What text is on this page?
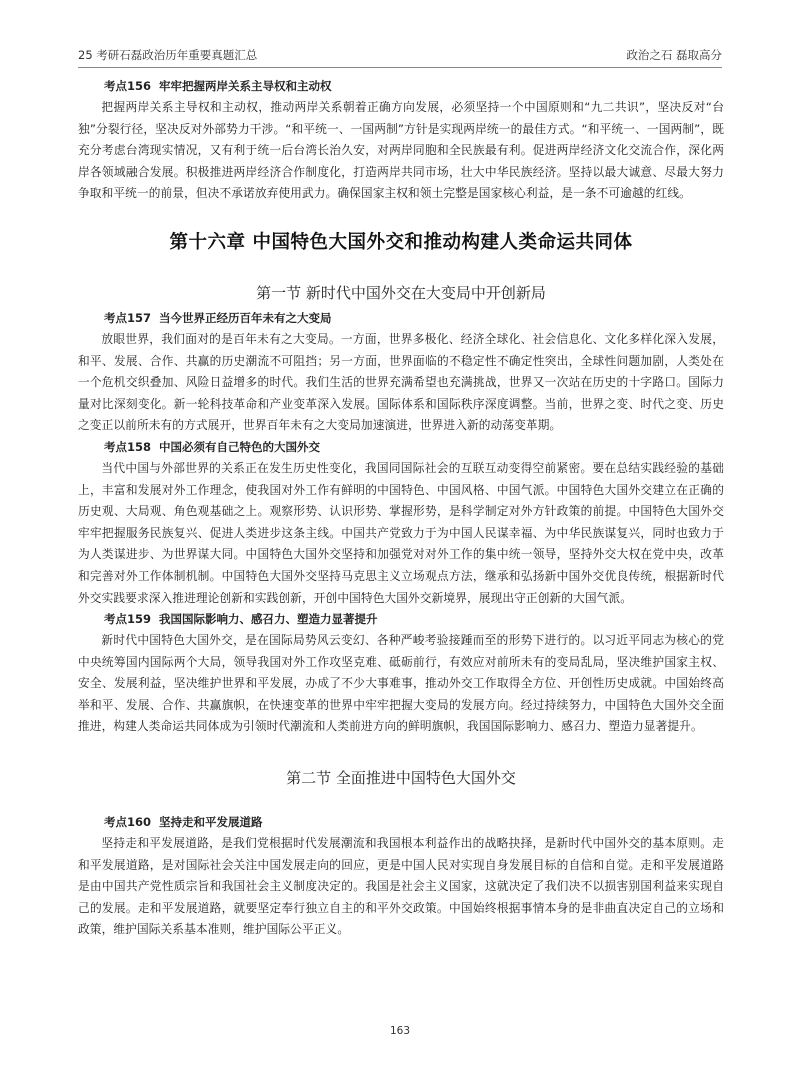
25 考研石磊政治历年重要真题汇总	政治之石 磊取高分
考点156 牢牢把握两岸关系主导权和主动权

把握两岸关系主导权和主动权，推动两岸关系朝着正确方向发展，必须坚持一个中国原则和“九二共识”，坚决反对“台独”分裂行径，坚决反对外部势力干涉。“和平统一、一国两制”方针是实现两岸统一的最佳方式。“和平统一、一国两制”，既充分考虑台湾现实情况，又有利于统一后台湾长治久安，对两岸同胞和全民族最有利。促进两岸经济文化交流合作，深化两岸各领域融合发展。积极推进两岸经济合作制度化，打造两岸共同市场，壮大中华民族经济。坚持以最大诚意、尽最大努力争取和平统一的前景，但决不承诺放弃使用武力。确保国家主权和领土完整是国家核心利益，是一条不可逾越的红线。

第十六章 中国特色大国外交和推动构建人类命运共同体
第一节 新时代中国外交在大变局中开创新局
考点157 当今世界正经历百年未有之大变局

放眼世界，我们面对的是百年未有之大变局。一方面，世界多极化、经济全球化、社会信息化、文化多样化深入发展，和平、发展、合作、共赢的历史潮流不可阻挡；另一方面，世界面临的不稳定性不确定性突出，全球性问题加剧，人类处在一个危机交织叠加、风险日益增多的时代。我们生活的世界充满希望也充满挑战，世界又一次站在历史的十字路口。国际力量对比深刻变化。新一轮科技革命和产业变革深入发展。国际体系和国际秩序深度调整。当前，世界之变、时代之变、历史之变正以前所未有的方式展开，世界百年未有之大变局加速演进，世界进入新的动荡变革期。

考点158 中国必须有自己特色的大国外交

当代中国与外部世界的关系正在发生历史性变化，我国同国际社会的互联互动变得空前紧密。要在总结实践经验的基础上，丰富和发展对外工作理念，使我国对外工作有鲜明的中国特色、中国风格、中国气派。中国特色大国外交建立在正确的历史观、大局观、角色观基础之上。观察形势、认识形势、掌握形势，是科学制定对外方针政策的前提。中国特色大国外交牢牢把握服务民族复兴、促进人类进步这条主线。中国共产党致力于为中国人民谋幸福、为中华民族谋复兴，同时也致力于为人类谋进步、为世界谋大同。中国特色大国外交坚持和加强党对对外工作的集中统一领导，坚持外交大权在党中央，改革和完善对外工作体制机制。中国特色大国外交坚持马克思主义立场观点方法，继承和弘扬新中国外交优良传统，根据新时代外交实践要求深入推进理论创新和实践创新，开创中国特色大国外交新境界，展现出守正创新的大国气派。

考点159 我国国际影响力、感召力、塑造力显著提升

新时代中国特色大国外交，是在国际局势风云变幻、各种严峻考验接踵而至的形势下进行的。以习近平同志为核心的党中央统筹国内国际两个大局，领导我国对外工作攻坚克难、砥砺前行，有效应对前所未有的变局乱局，坚决维护国家主权、安全、发展利益，坚决维护世界和平发展，办成了不少大事难事，推动外交工作取得全方位、开创性历史成就。中国始终高举和平、发展、合作、共赢旗帜，在快速变革的世界中牢牢把握大变局的发展方向。经过持续努力，中国特色大国外交全面推进，构建人类命运共同体成为引领时代潮流和人类前进方向的鲜明旗帜，我国国际影响力、感召力、塑造力显著提升。

第二节 全面推进中国特色大国外交
考点160 坚持走和平发展道路

坚持走和平发展道路，是我们党根据时代发展潮流和我国根本利益作出的战略抉择，是新时代中国外交的基本原则。走和平发展道路，是对国际社会关注中国发展走向的回应，更是中国人民对实现自身发展目标的自信和自觉。走和平发展道路是由中国共产党性质宗旨和我国社会主义制度决定的。我国是社会主义国家，这就决定了我们决不以损害别国利益来实现自己的发展。走和平发展道路，就要坚定奉行独立自主的和平外交政策。中国始终根据事情本身的是非曲直决定自己的立场和政策，维护国际关系基本准则，维护国际公平正义。

163
